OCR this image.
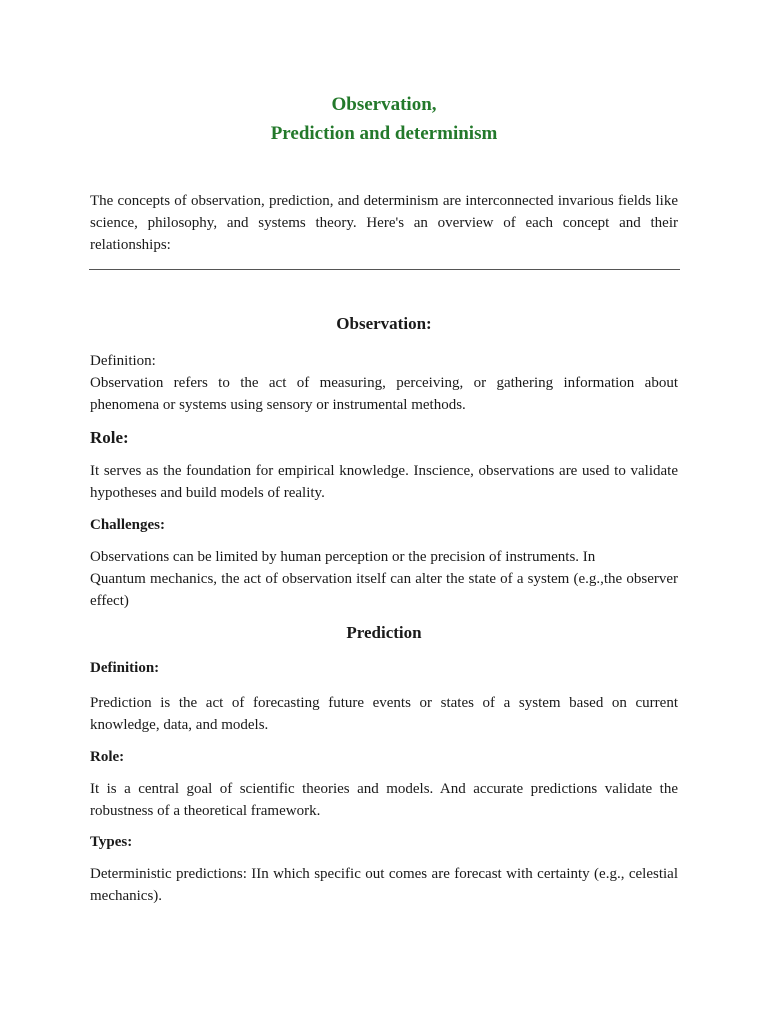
Observation,
Prediction and determinism

The concepts of observation, prediction, and determinism are interconnected invarious fields like science, philosophy, and systems theory. Here's an overview of each concept and their relationships:

Observation:
Definition:

Observation refers to the act of measuring, perceiving, or gathering information about phenomena or systems using sensory or instrumental methods.

Role:

It serves as the foundation for empirical knowledge. Inscience, observations are used to validate hypotheses and build models of reality.

Challenges:
Observations can be limited by human perception or the precision of instruments. In

Quantum mechanics, the act of observation itself can alter the state of a system (e.g.,the observer effect)

Prediction
Definition:

Prediction is the act of forecasting future events or states of a system based on current knowledge, data, and models.

Role:

It is a central goal of scientific theories and models. And accurate predictions validate the robustness of a theoretical framework.

Types:

Deterministic predictions: IIn which specific out comes are forecast with certainty (e.g., celestial mechanics).
